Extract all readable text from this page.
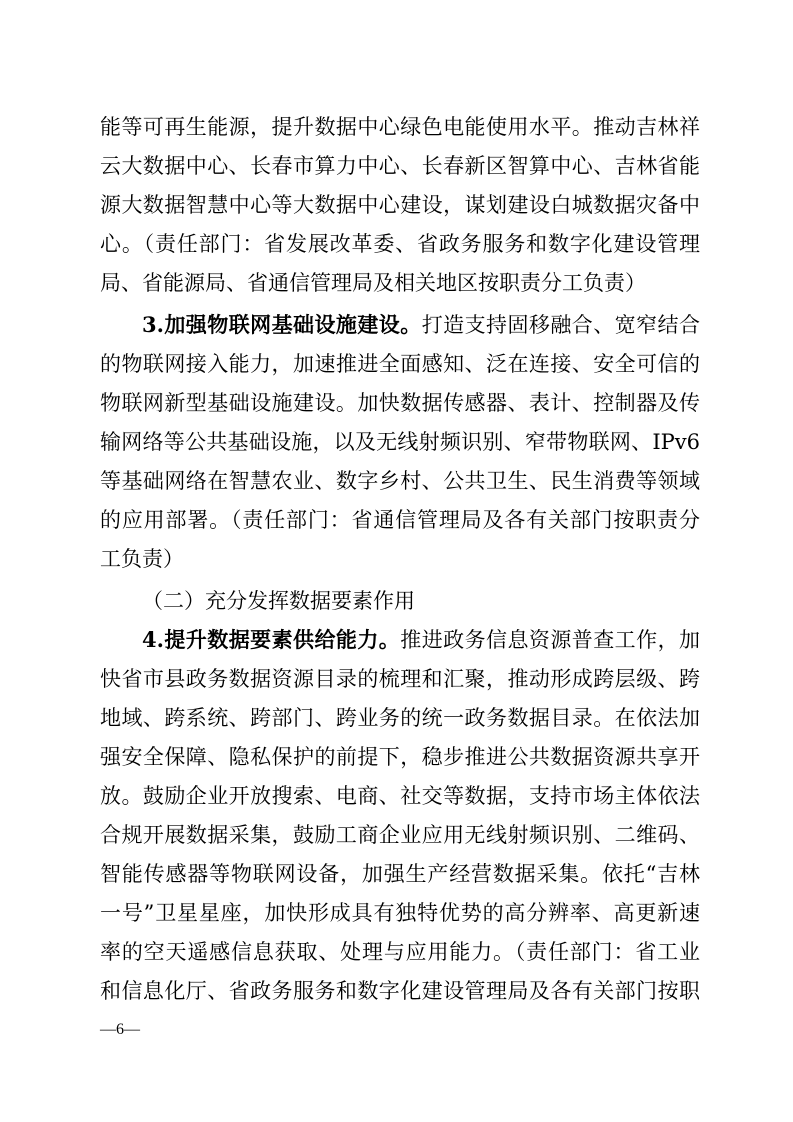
能等可再生能源，提升数据中心绿色电能使用水平。推动吉林祥
云大数据中心、长春市算力中心、长春新区智算中心、吉林省能
源大数据智慧中心等大数据中心建设，谋划建设白城数据灾备中
心。（责任部门：省发展改革委、省政务服务和数字化建设管理
局、省能源局、省通信管理局及相关地区按职责分工负责）
3.加强物联网基础设施建设。打造支持固移融合、宽窄结合
的物联网接入能力，加速推进全面感知、泛在连接、安全可信的
物联网新型基础设施建设。加快数据传感器、表计、控制器及传
输网络等公共基础设施，以及无线射频识别、窄带物联网、IPv6
等基础网络在智慧农业、数字乡村、公共卫生、民生消费等领域
的应用部署。（责任部门：省通信管理局及各有关部门按职责分
工负责）
（二）充分发挥数据要素作用
4.提升数据要素供给能力。推进政务信息资源普查工作，加
快省市县政务数据资源目录的梳理和汇聚，推动形成跨层级、跨
地域、跨系统、跨部门、跨业务的统一政务数据目录。在依法加
强安全保障、隐私保护的前提下，稳步推进公共数据资源共享开
放。鼓励企业开放搜索、电商、社交等数据，支持市场主体依法
合规开展数据采集，鼓励工商企业应用无线射频识别、二维码、
智能传感器等物联网设备，加强生产经营数据采集。依托“吉林
一号”卫星星座，加快形成具有独特优势的高分辨率、高更新速
率的空天遥感信息获取、处理与应用能力。（责任部门：省工业
和信息化厅、省政务服务和数字化建设管理局及各有关部门按职
—6—
